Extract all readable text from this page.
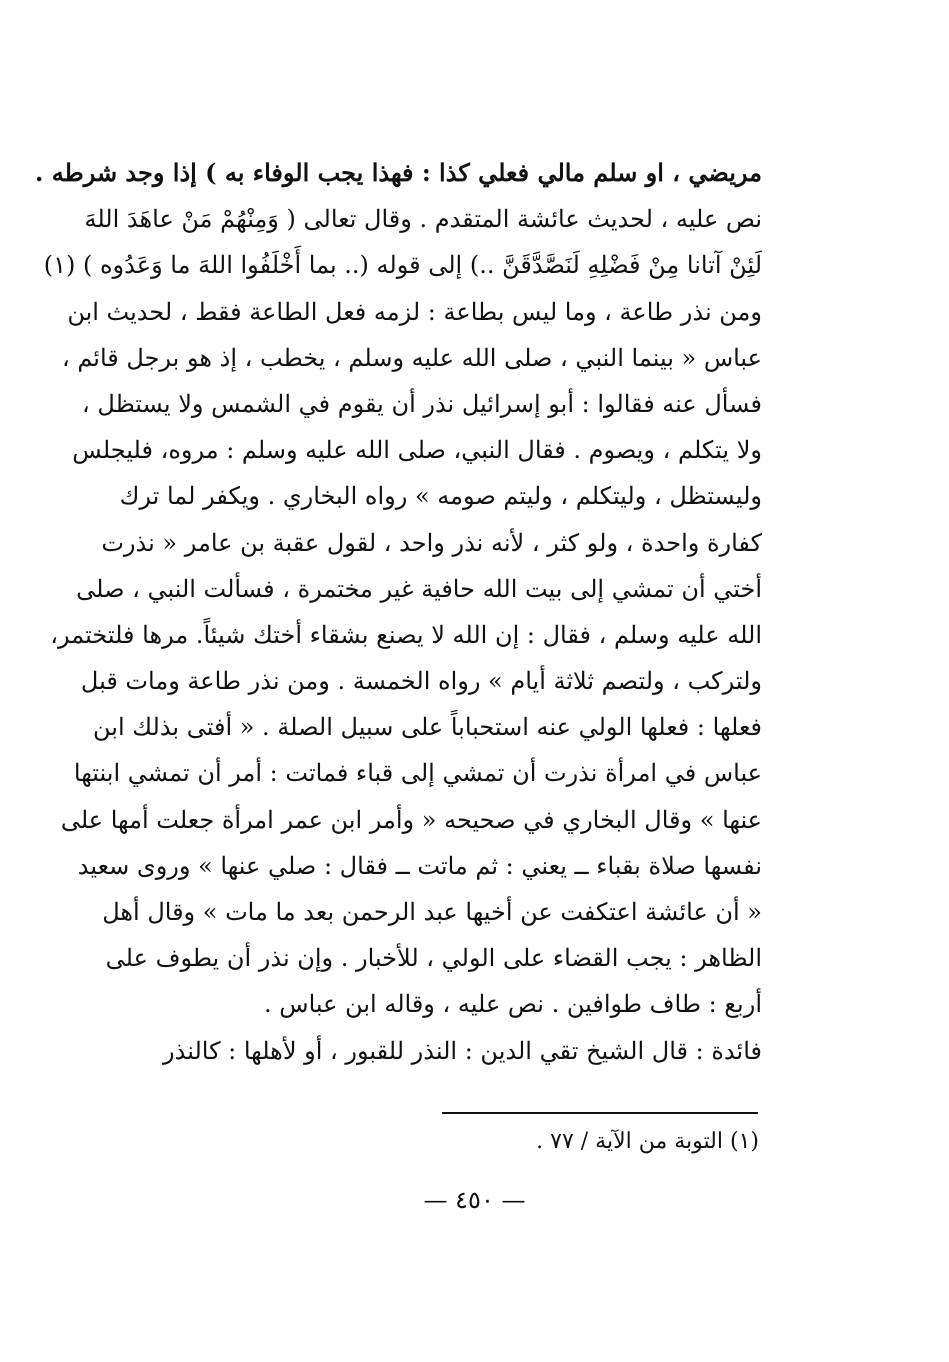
مريضي ، او سلم مالي فعلي كذا : فهذا يجب الوفاء به ) إذا وجد شرطه .
نص عليه ، لحديث عائشة المتقدم . وقال تعالى ( وَمِنْهُمْ مَنْ عاهَدَ اللهَ
لَئِنْ آتانا مِنْ فَضْلِهِ لَنَصَّدَّقَنَّ ..) إلى قوله (.. بما أَخْلَفُوا اللهَ ما وَعَدُوه ) (١)
ومن نذر طاعة ، وما ليس بطاعة : لزمه فعل الطاعة فقط ، لحديث ابن
عباس « بينما النبي ، صلى الله عليه وسلم ، يخطب ، إذ هو برجل قائم ،
فسأل عنه فقالوا : أبو إسرائيل نذر أن يقوم في الشمس ولا يستظل ،
ولا يتكلم ، ويصوم . فقال النبي، صلى الله عليه وسلم : مروه، فليجلس
وليستظل ، وليتكلم ، وليتم صومه » رواه البخاري . ويكفر لما ترك
كفارة واحدة ، ولو كثر ، لأنه نذر واحد ، لقول عقبة بن عامر « نذرت
أختي أن تمشي إلى بيت الله حافية غير مختمرة ، فسألت النبي ، صلى
الله عليه وسلم ، فقال : إن الله لا يصنع بشقاء أختك شيئاً. مرها فلتختمر،
ولتركب ، ولتصم ثلاثة أيام » رواه الخمسة . ومن نذر طاعة ومات قبل
فعلها : فعلها الولي عنه استحباباً على سبيل الصلة . « أفتى بذلك ابن
عباس في امرأة نذرت أن تمشي إلى قباء فماتت : أمر أن تمشي ابنتها
عنها » وقال البخاري في صحيحه « وأمر ابن عمر امرأة جعلت أمها على
نفسها صلاة بقباء ــ يعني : ثم ماتت ــ فقال : صلي عنها » وروى سعيد
« أن عائشة اعتكفت عن أخيها عبد الرحمن بعد ما مات » وقال أهل
الظاهر : يجب القضاء على الولي ، للأخبار . وإن نذر أن يطوف على
أربع : طاف طوافين . نص عليه ، وقاله ابن عباس .
فائدة : قال الشيخ تقي الدين : النذر للقبور ، أو لأهلها : كالنذر
(١) التوبة من الآية / ٧٧ .
— ٤٥٠ —
